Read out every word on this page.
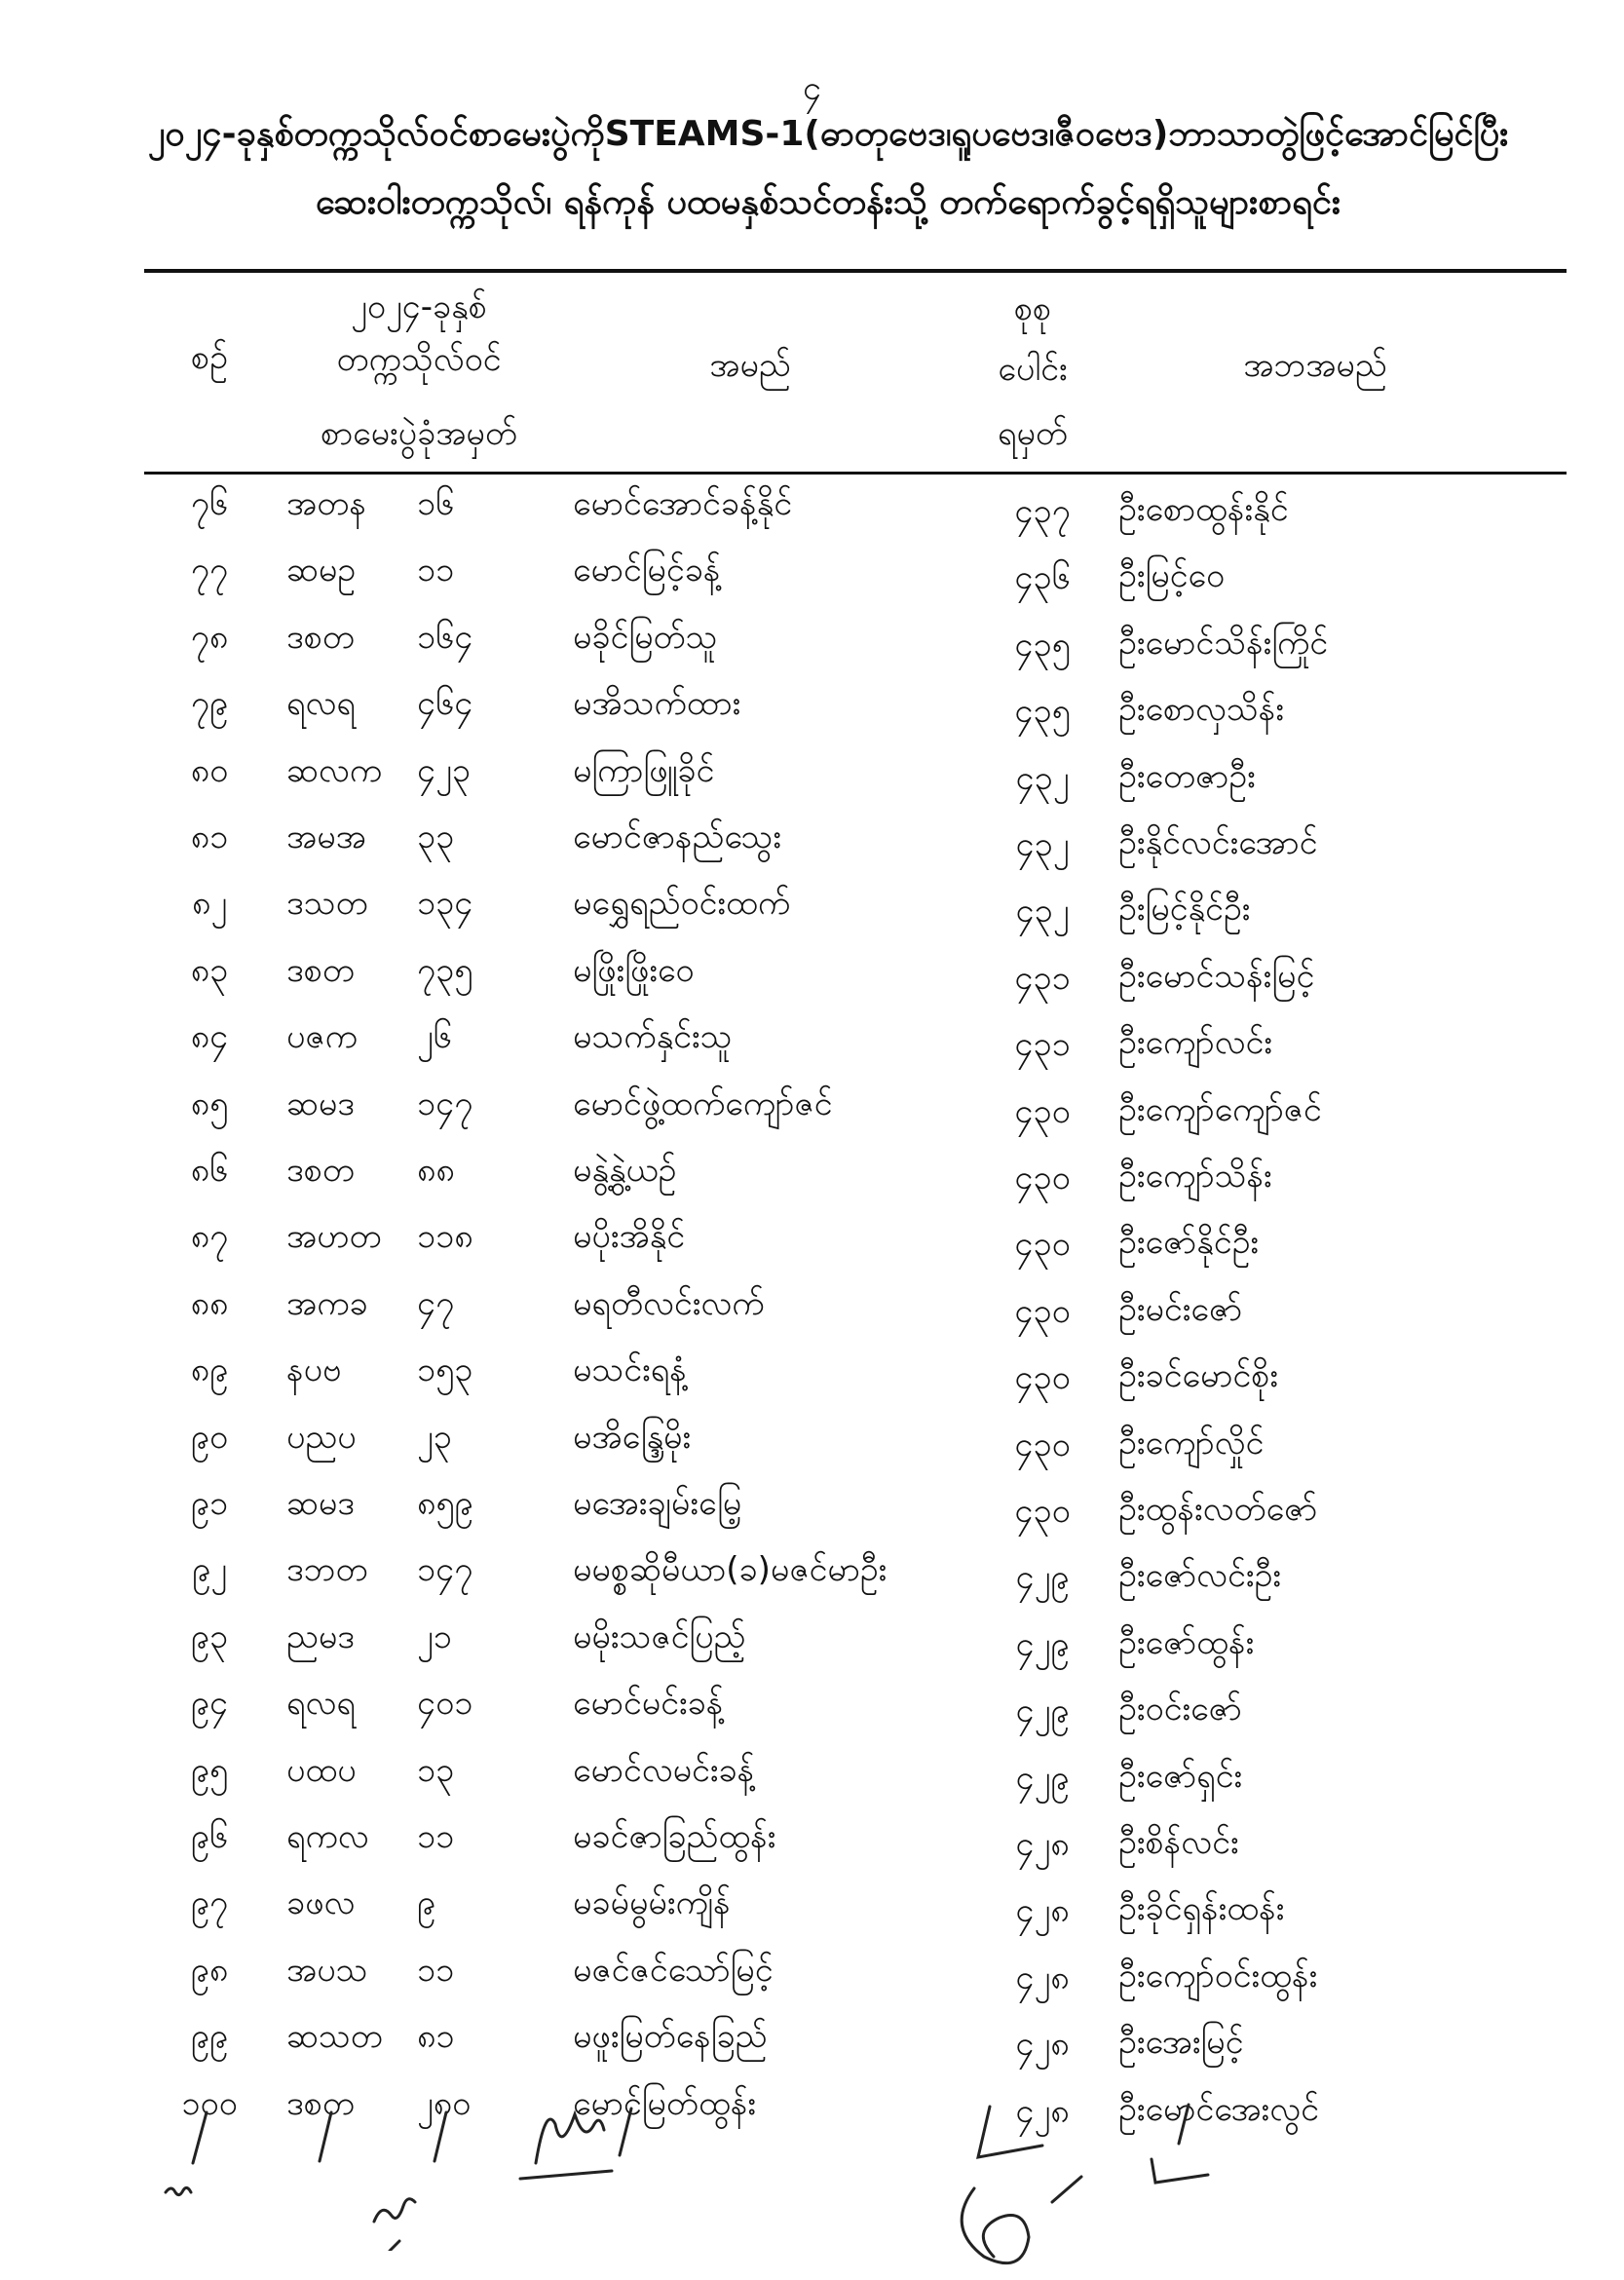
၄
၂၀၂၄-ခုနှစ်တက္ကသိုလ်ဝင်စာမေးပွဲကိုSTEAMS-1(ဓာတုဗေဒ၊ရူပဗေဒ၊ဇီဝဗေဒ)ဘာသာတွဲဖြင့်အောင်မြင်ပြီး
ဆေးဝါးတက္ကသိုလ်၊ ရန်ကုန် ပထမနှစ်သင်တန်းသို့ တက်ရောက်ခွင့်ရရှိသူများစာရင်း
စဉ်
၂၀၂၄-ခုနှစ်
တက္ကသိုလ်ဝင်
စာမေးပွဲခုံအမှတ်
အမည်
စုစု
ပေါင်း
ရမှတ်
အဘအမည်
၇၆	အတန ၁၆	မောင်အောင်ခန့်နိုင်	၄၃၇	ဦးစောထွန်းနိုင်
၇၇	ဆမဥ ၁၁	မောင်မြင့်ခန့်	၄၃၆	ဦးမြင့်ဝေ
၇၈	ဒစတ ၁၆၄	မခိုင်မြတ်သူ	၄၃၅	ဦးမောင်သိန်းကြိုင်
၇၉	ရလရ ၄၆၄	မအိသက်ထား	၄၃၅	ဦးစောလှသိန်း
၈၀	ဆလက ၄၂၃	မကြာဖြူခိုင်	၄၃၂	ဦးတေဇာဦး
၈၁	အမအ ၃၃	မောင်ဇာနည်သွေး	၄၃၂	ဦးနိုင်လင်းအောင်
၈၂	ဒသတ ၁၃၄	မရွှေရည်ဝင်းထက်	၄၃၂	ဦးမြင့်နိုင်ဦး
၈၃	ဒစတ ၇၃၅	မဖြိုးဖြိုးဝေ	၄၃၁	ဦးမောင်သန်းမြင့်
၈၄	ပဇက ၂၆	မသက်နှင်းသူ	၄၃၁	ဦးကျော်လင်း
၈၅	ဆမဒ ၁၄၇	မောင်ဖွဲ့ထက်ကျော်ဇင်	၄၃၀	ဦးကျော်ကျော်ဇင်
၈၆	ဒစတ ၈၈	မနွဲ့နွဲ့ယဉ်	၄၃၀	ဦးကျော်သိန်း
၈၇	အဟတ ၁၁၈	မပိုးအိနိုင်	၄၃၀	ဦးဇော်နိုင်ဦး
၈၈	အကခ ၄၇	မရတီလင်းလက်	၄၃၀	ဦးမင်းဇော်
၈၉	နပဗ ၁၅၃	မသင်းရနံ့	၄၃၀	ဦးခင်မောင်စိုး
၉၀	ပညပ ၂၃	မအိန္ဒြေမိုး	၄၃၀	ဦးကျော်လှိုင်
၉၁	ဆမဒ ၈၅၉	မအေးချမ်းမြေ့	၄၃၀	ဦးထွန်းလတ်ဇော်
၉၂	ဒဘတ ၁၄၇	မမစ္စဆိုမီယာ(ခ)မဇင်မာဦး	၄၂၉	ဦးဇော်လင်းဦး
၉၃	ညမဒ ၂၁	မမိုးသဇင်ပြည့်	၄၂၉	ဦးဇော်ထွန်း
၉၄	ရလရ ၄၀၁	မောင်မင်းခန့်	၄၂၉	ဦးဝင်းဇော်
၉၅	ပထပ ၁၃	မောင်လမင်းခန့်	၄၂၉	ဦးဇော်ရှင်း
၉၆	ရကလ ၁၁	မခင်ဇာခြည်ထွန်း	၄၂၈	ဦးစိန်လင်း
၉၇	ခဖလ ၉	မခမ်မွမ်းကျိန်	၄၂၈	ဦးခိုင်ရှန်းထန်း
၉၈	အပသ ၁၁	မဇင်ဇင်သော်မြင့်	၄၂၈	ဦးကျော်ဝင်းထွန်း
၉၉	ဆသတ ၈၁	မဖူးမြတ်နေခြည်	၄၂၈	ဦးအေးမြင့်
၁၀၀	ဒစတ ၂၈၀	မောင်မြတ်ထွန်း	၄၂၈	ဦးမောင်အေးလွင်
